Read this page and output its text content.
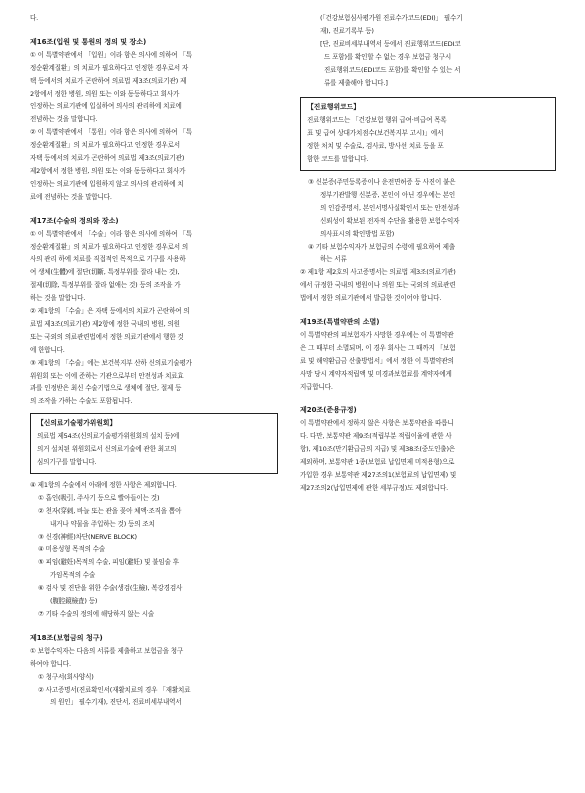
다.

제16조(입원 및 통원의 정의 및 장소)

① 이 특별약관에서 「입원」이라 함은 의사에 의하여 「특

정순환계질환」의 치료가 필요하다고 인정한 경우로서 자

택 등에서의 치료가 곤란하여 의료법 제3조(의료기관) 제

2항에서 정한 병원, 의원 또는 이와 동등하다고 회사가

인정하는 의료기관에 입실하여 의사의 관리하에 치료에

전념하는 것을 말합니다.

② 이 특별약관에서 「통원」이라 함은 의사에 의하여 「특

정순환계질환」의 치료가 필요하다고 인정한 경우로서

자택 등에서의 치료가 곤란하여 의료법 제3조(의료기관)

제2항에서 정한 병원, 의원 또는 이와 동등하다고 회사가

인정하는 의료기관에 입원하지 않고 의사의 관리하에 치

료에 전념하는 것을 말합니다.

제17조(수술의 정의와 장소)

① 이 특별약관에서 「수술」이라 함은 의사에 의하여 「특

정순환계질환」의 치료가 필요하다고 인정한 경우로서 의

사의 관리 하에 치료를 직접적인 목적으로 기구를 사용하

여 생체(生體)에 절단(切斷, 특정부위를 잘라 내는 것),

절제(切除, 특정부위를 잘라 없애는 것) 등의 조작을 가

하는 것을 말합니다.

② 제1항의 「수술」은 자택 등에서의 치료가 곤란하여 의

료법 제3조(의료기관) 제2항에 정한 국내의 병원, 의원

또는 국외의 의료관련법에서 정한 의료기관에서 행한 것

에 한합니다.

③ 제1항의 「수술」에는 보건복지부 산하 신의료기술평가

위원회 또는 이에 준하는 기관으로부터 안전성과 치료효

과를 인정받은 최신 수술기법으로 생체에 절단, 절제 등

의 조작을 가하는 수술도 포함됩니다.

【신의료기술평가위원회】

의료법 제54조(신의료기술평가위원회의 설치 등)에

의거 설치된 위원회로서 신의료기술에 관한 최고의

심의기구를 말합니다.

④ 제1항의 수술에서 아래에 정한 사항은 제외합니다.

① 흡인(吸引, 주사기 등으로 빨아들이는 것)

② 천자(穿刺, 바늘 또는 관을 꽂아 체액·조직을 뽑아

내거나 약물을 주입하는 것) 등의 조치

③ 신경(神經)차단(NERVE BLOCK)

④ 미용성형 목적의 수술

⑤ 피임(避妊)목적의 수술, 피임(避妊) 및 불임술 후

가임목적의 수술

⑥ 검사 및 진단을 위한 수술(생검(生檢), 복강경검사

(腹腔鏡檢査) 등)

⑦ 기타 수술의 정의에 해당하지 않는 시술

제18조(보험금의 청구)

① 보험수익자는 다음의 서류를 제출하고 보험금을 청구

하여야 합니다.

① 청구서(회사양식)

② 사고증명서(진료확인서(재활치료의 경우 「재활치료

의 원인」 필수기재), 진단서, 진료비세부내역서

(「건강보험심사평가원 진료수가코드(EDI)」 필수기

재), 진료기록부 등)

[단, 진료비세부내역서 등에서 진료행위코드(EDI코

드 포함)를 확인할 수 없는 경우 보험금 청구시

진료행위코드(EDI코드 포함)를 확인할 수 있는 서

류를 제출해야 합니다.]

【진료행위코드】

진료행위코드는 「건강보험 행위 급여·비급여 목록

표 및 급여 상대가치점수(보건복지부 고시)」에서

정한 처치 및 수술로, 검사료, 방사선 치료 등을 포

함한 코드를 말합니다.

③ 신분증(주민등록증이나 운전면허증 등 사진이 붙은

정부기관발행 신분증, 본인이 아닌 경우에는 본인

의 인감증명서, 본인서명사실확인서 또는 안전성과

신뢰성이 확보된 전자적 수단을 활용한 보험수익자

의사표시의 확인방법 포함)

④ 기타 보험수익자가 보험금의 수령에 필요하여 제출

하는 서류

② 제1항 제2호의 사고증명서는 의료법 제3조(의료기관)

에서 규정한 국내의 병원이나 의원 또는 국외의 의료관련

법에서 정한 의료기관에서 발급한 것이어야 합니다.

제19조(특별약관의 소멸)

이 특별약관의 피보험자가 사망한 경우에는 이 특별약관

은 그 때부터 소멸되며, 이 경우 회사는 그 때까지 「보험

료 및 해약환급금 산출방법서」에서 정한 이 특별약관의

사망 당시 계약자적립액 및 미경과보험료를 계약자에게

지급합니다.

제20조(준용규정)

이 특별약관에서 정하지 않은 사항은 보통약관을 따릅니

다. 다만, 보통약관 제9조(적립부분 적립이율에 관한 사

항), 제10조(만기환급금의 지급) 및 제38조(중도인출)은

제외하며, 보통약관 1종(보험료 납입면제 미적용형)으로

가입한 경우 보통약관 제27조의1(보험료의 납입면제) 및

제27조의2(납입면제에 관한 세부규정)도 제외합니다.
